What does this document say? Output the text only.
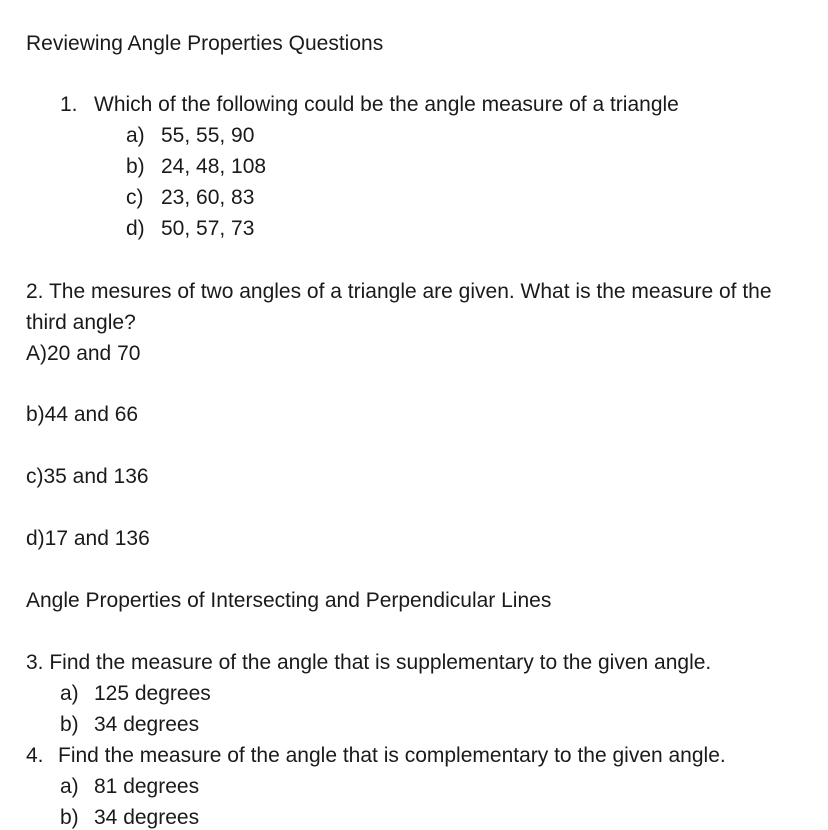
Reviewing Angle Properties Questions
1. Which of the following could be the angle measure of a triangle
a) 55, 55, 90
b) 24, 48, 108
c) 23, 60, 83
d) 50, 57, 73
2. The mesures of two angles of a triangle are given. What is the measure of the
third angle?
A)20 and 70
b)44 and 66
c)35 and 136
d)17 and 136
Angle Properties of Intersecting and Perpendicular Lines
3. Find the measure of the angle that is supplementary to the given angle.
a) 125 degrees
b) 34 degrees
4. Find the measure of the angle that is complementary to the given angle.
a) 81 degrees
b) 34 degrees
